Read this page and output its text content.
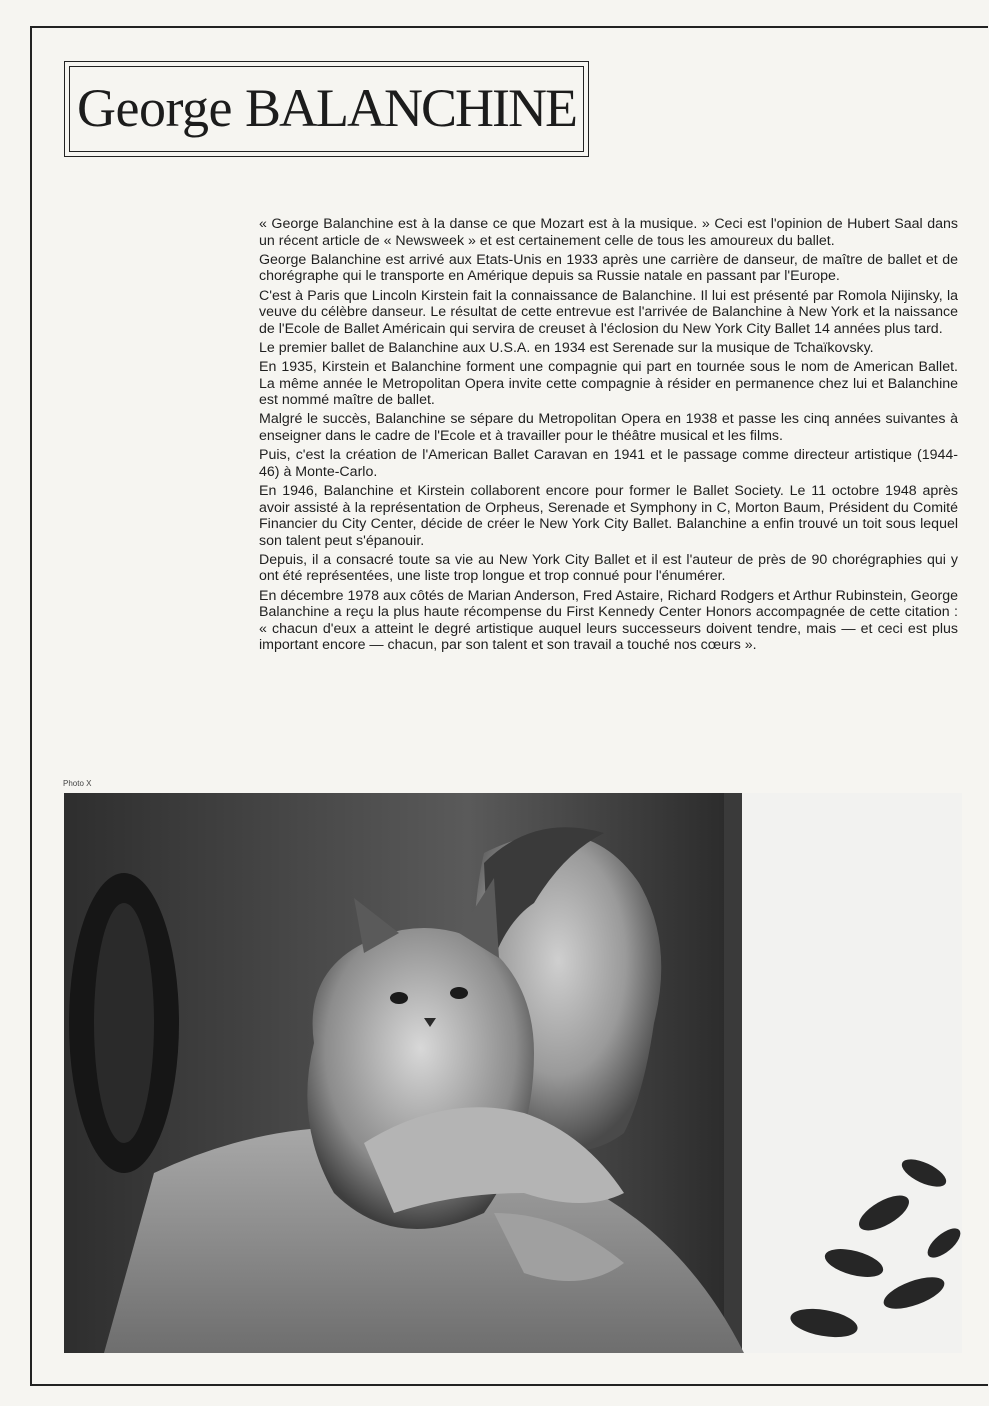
George BALANCHINE

« George Balanchine est à la danse ce que Mozart est à la musique. » Ceci est l'opinion de Hubert Saal dans un récent article de « Newsweek » et est certainement celle de tous les amoureux du ballet.

George Balanchine est arrivé aux Etats-Unis en 1933 après une carrière de danseur, de maître de ballet et de chorégraphe qui le transporte en Amérique depuis sa Russie natale en passant par l'Europe.

C'est à Paris que Lincoln Kirstein fait la connaissance de Balanchine. Il lui est présenté par Romola Nijinsky, la veuve du célèbre danseur. Le résultat de cette entrevue est l'arrivée de Balanchine à New York et la naissance de l'Ecole de Ballet Américain qui servira de creuset à l'éclosion du New York City Ballet 14 années plus tard.

Le premier ballet de Balanchine aux U.S.A. en 1934 est Serenade sur la musique de Tchaïkovsky.

En 1935, Kirstein et Balanchine forment une compagnie qui part en tournée sous le nom de American Ballet. La même année le Metropolitan Opera invite cette compagnie à résider en permanence chez lui et Balanchine est nommé maître de ballet.

Malgré le succès, Balanchine se sépare du Metropolitan Opera en 1938 et passe les cinq années suivantes à enseigner dans le cadre de l'Ecole et à travailler pour le théâtre musical et les films.

Puis, c'est la création de l'American Ballet Caravan en 1941 et le passage comme directeur artistique (1944-46) à Monte-Carlo.

En 1946, Balanchine et Kirstein collaborent encore pour former le Ballet Society. Le 11 octobre 1948 après avoir assisté à la représentation de Orpheus, Serenade et Symphony in C, Morton Baum, Président du Comité Financier du City Center, décide de créer le New York City Ballet. Balanchine a enfin trouvé un toit sous lequel son talent peut s'épanouir.

Depuis, il a consacré toute sa vie au New York City Ballet et il est l'auteur de près de 90 chorégraphies qui y ont été représentées, une liste trop longue et trop connué pour l'énumérer.

En décembre 1978 aux côtés de Marian Anderson, Fred Astaire, Richard Rodgers et Arthur Rubinstein, George Balanchine a reçu la plus haute récompense du First Kennedy Center Honors accompagnée de cette citation : « chacun d'eux a atteint le degré artistique auquel leurs successeurs doivent tendre, mais — et ceci est plus important encore — chacun, par son talent et son travail a touché nos cœurs ».

Photo X
